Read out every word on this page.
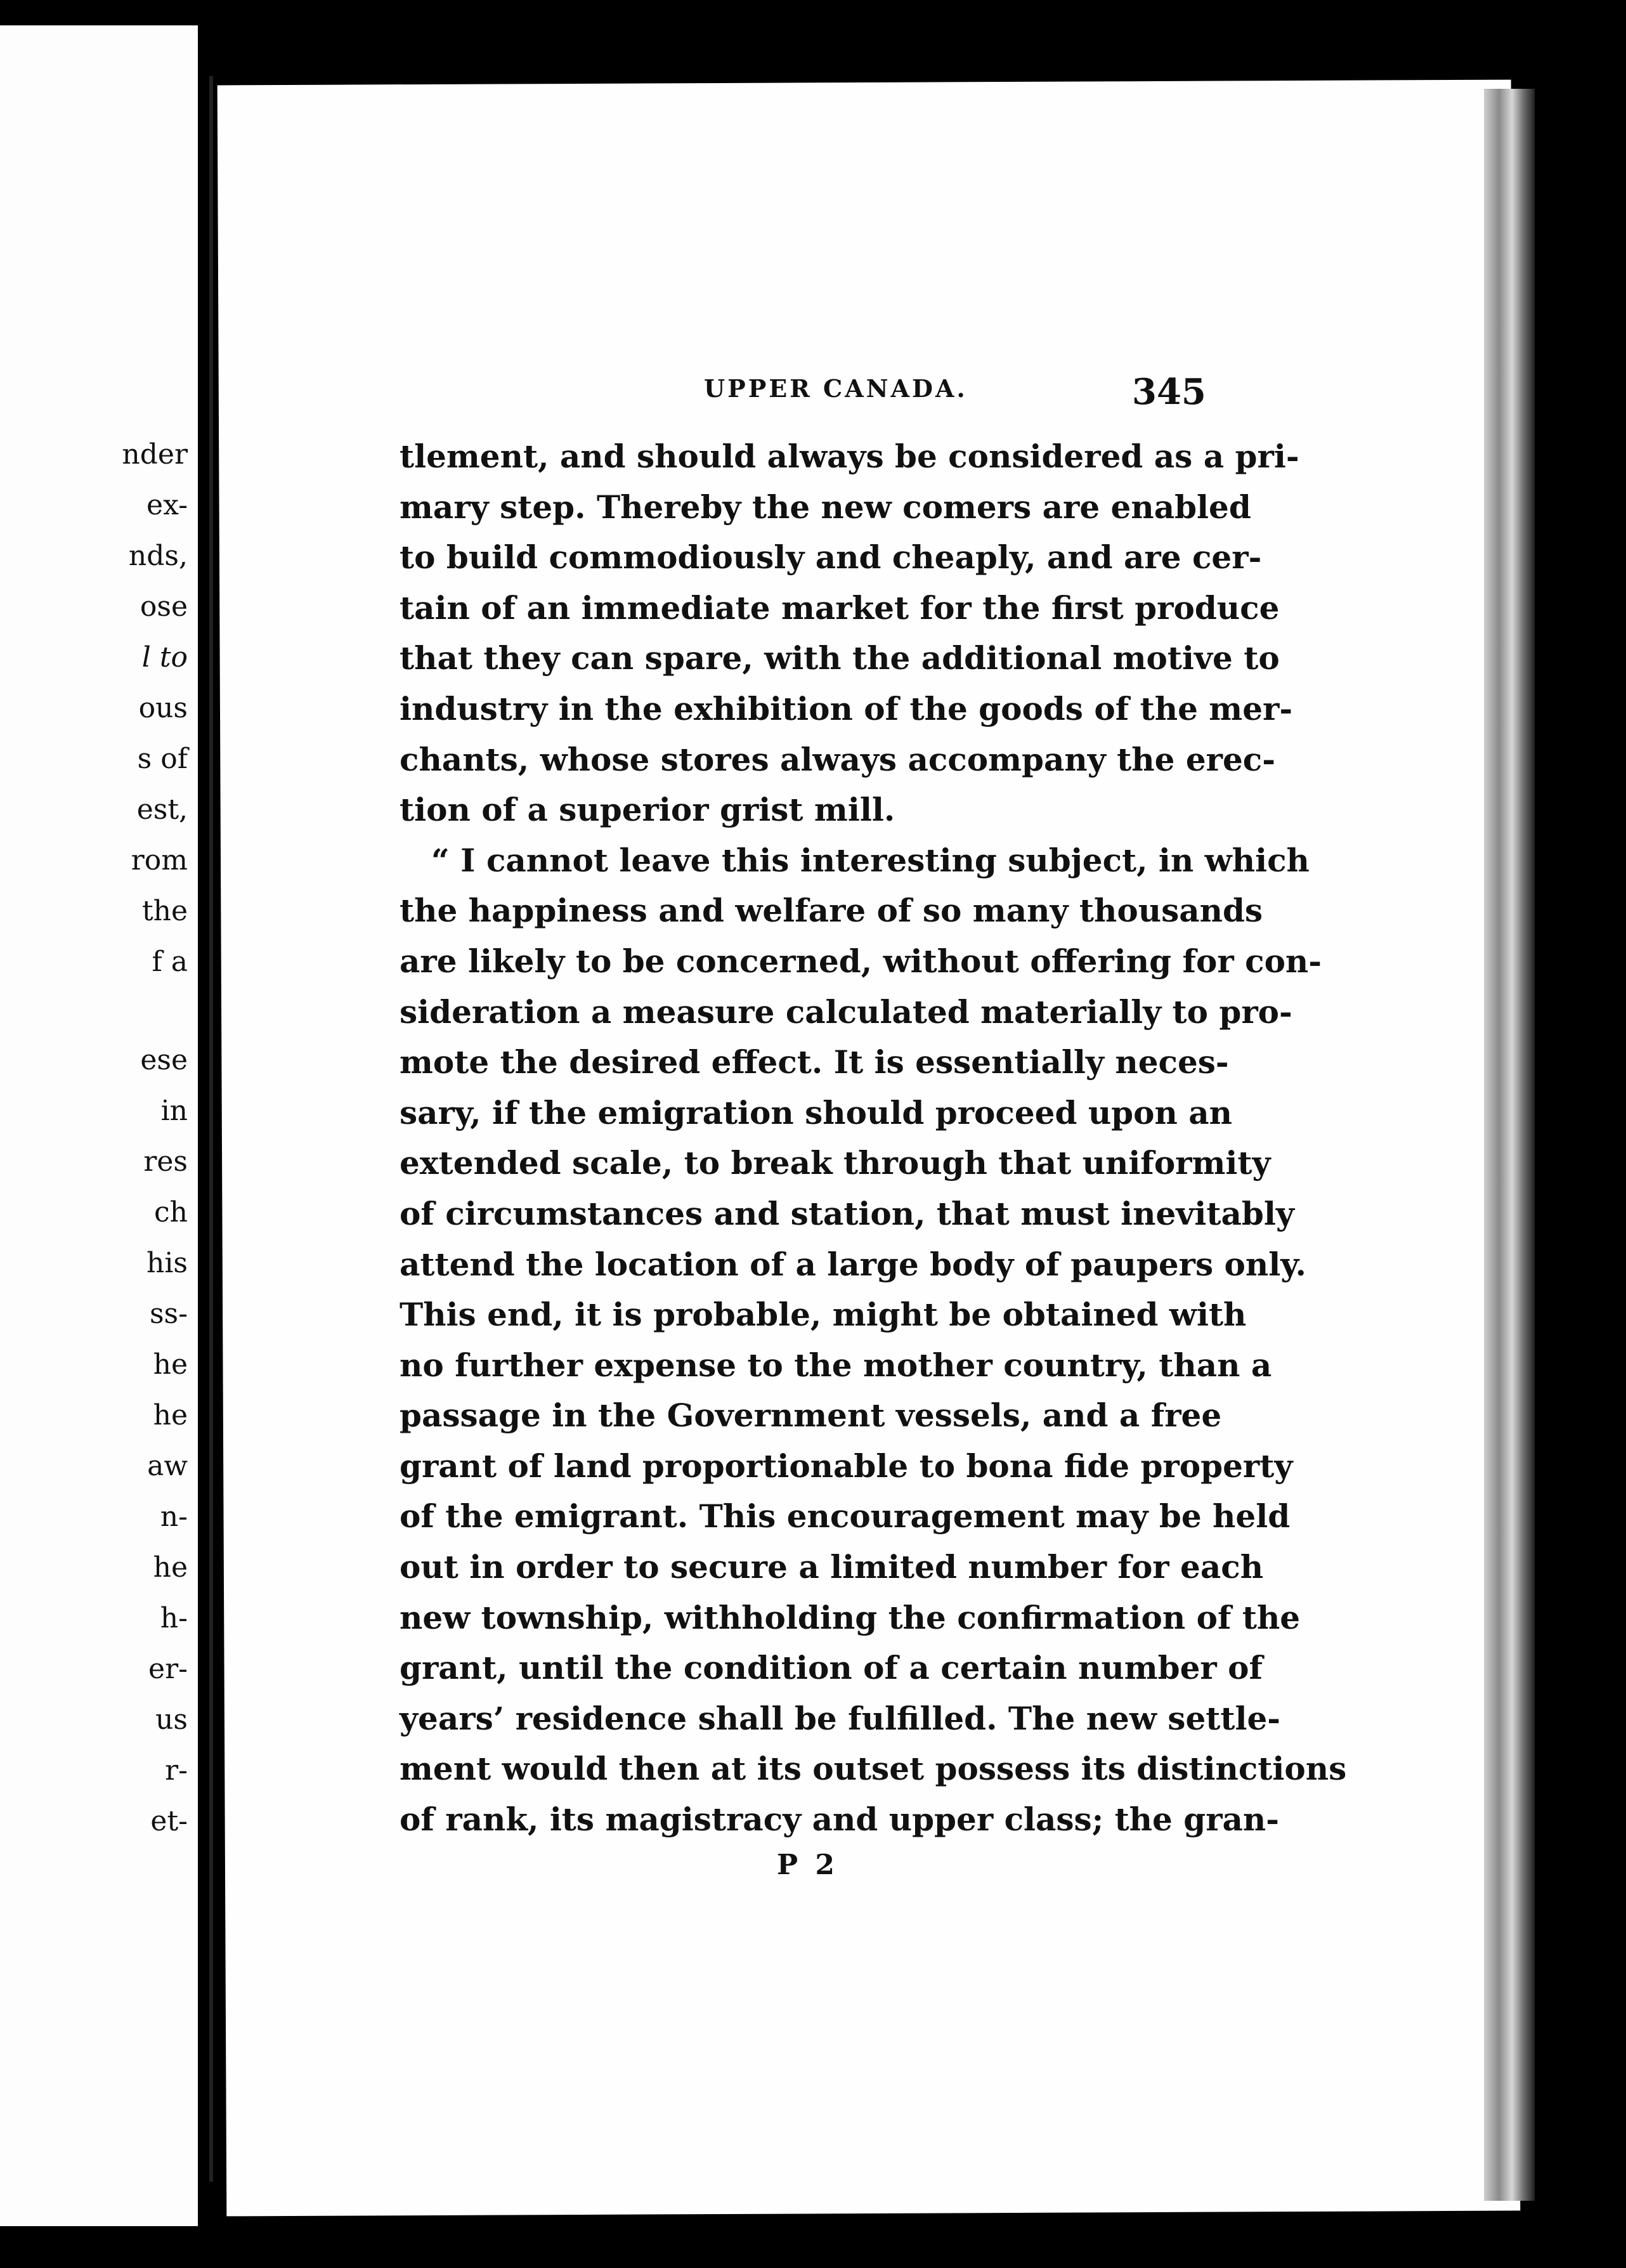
nder
ex-
nds,
ose
l to
ous
s of
est,
rom
the
f a
ese
in
res
ch
his
ss-
he
he
aw
n-
he
h-
er-
us
r-
et-
UPPER CANADA.	345
tlement, and should always be considered as a pri-
mary step. Thereby the new comers are enabled
to build commodiously and cheaply, and are cer-
tain of an immediate market for the first produce
that they can spare, with the additional motive to
industry in the exhibition of the goods of the mer-
chants, whose stores always accompany the erec-
tion of a superior grist mill.
“ I cannot leave this interesting subject, in which
the happiness and welfare of so many thousands
are likely to be concerned, without offering for con-
sideration a measure calculated materially to pro-
mote the desired effect. It is essentially neces-
sary, if the emigration should proceed upon an
extended scale, to break through that uniformity
of circumstances and station, that must inevitably
attend the location of a large body of paupers only.
This end, it is probable, might be obtained with
no further expense to the mother country, than a
passage in the Government vessels, and a free
grant of land proportionable to bona fide property
of the emigrant. This encouragement may be held
out in order to secure a limited number for each
new township, withholding the confirmation of the
grant, until the condition of a certain number of
years’ residence shall be fulfilled. The new settle-
ment would then at its outset possess its distinctions
of rank, its magistracy and upper class; the gran-
P 2
